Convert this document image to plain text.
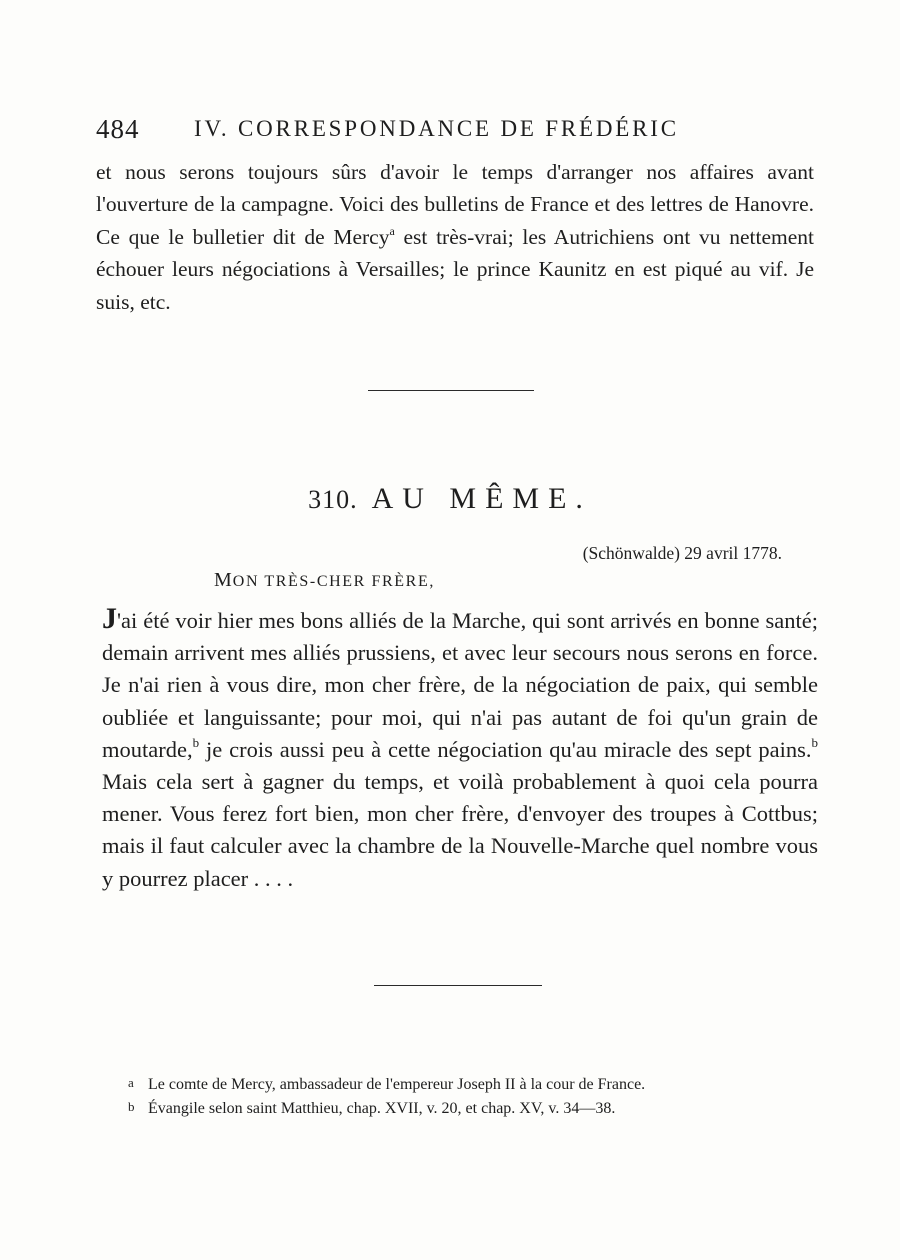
484 IV. CORRESPONDANCE DE FRÉDÉRIC

et nous serons toujours sûrs d'avoir le temps d'arranger nos affaires avant l'ouverture de la campagne. Voici des bulletins de France et des lettres de Hanovre. Ce que le bulletier dit de Mercy$^a$ est très-vrai; les Autrichiens ont vu nettement échouer leurs négociations à Versailles; le prince Kaunitz en est piqué au vif. Je suis, etc.

310. AU MÊME.
(Schönwalde) 29 avril 1778.
MON TRÈS-CHER FRÈRE,

J'ai été voir hier mes bons alliés de la Marche, qui sont arrivés en bonne santé; demain arrivent mes alliés prussiens, et avec leur secours nous serons en force. Je n'ai rien à vous dire, mon cher frère, de la négociation de paix, qui semble oubliée et languissante; pour moi, qui n'ai pas autant de foi qu'un grain de moutarde,$^b$ je crois aussi peu à cette négociation qu'au miracle des sept pains.$^b$ Mais cela sert à gagner du temps, et voilà probablement à quoi cela pourra mener. Vous ferez fort bien, mon cher frère, d'envoyer des troupes à Cottbus; mais il faut calculer avec la chambre de la Nouvelle-Marche quel nombre vous y pourrez placer . . . .

a Le comte de Mercy, ambassadeur de l'empereur Joseph II à la cour de France.
b Évangile selon saint Matthieu, chap. XVII, v. 20, et chap. XV, v. 34—38.
